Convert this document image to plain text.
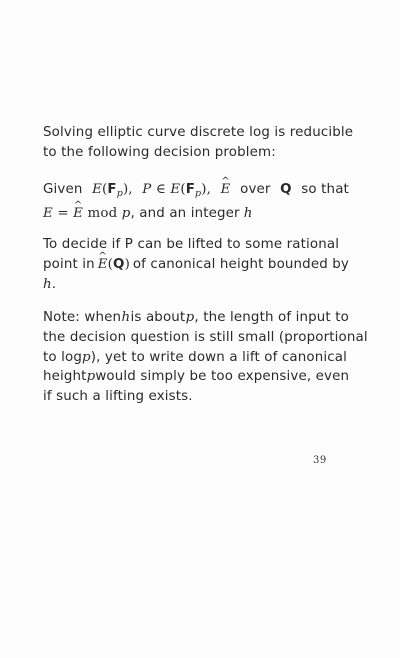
Solving elliptic curve discrete log is reducible
to the following decision problem:
Given $E(F_p)$, P ∈ $E(F_p)$, ^ E over Q so that
E = ^ E mod p, and an integer h
To decide if P can be lifted to some rational
point in ^ E(Q) of canonical height bounded by
h.
Note: when h is about p, the length of input to
the decision question is still small (proportional
to logp), yet to write down a lift of canonical
height p would simply be too expensive, even
if such a lifting exists.
39
